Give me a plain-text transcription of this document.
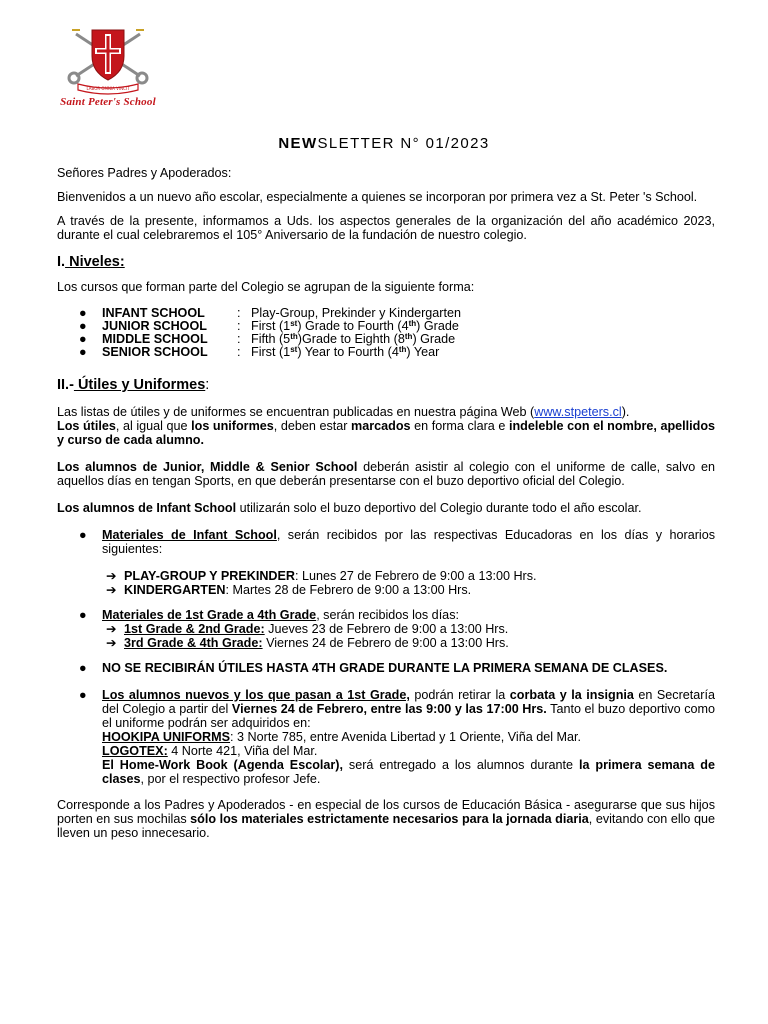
LABOR OMNIA VINCIT
Saint Peter's School
NEWSLETTER N° 01/2023

Señores Padres y Apoderados:

Bienvenidos a un nuevo año escolar, especialmente a quienes se incorporan por primera vez a St. Peter 's School.

A través de la presente, informamos a Uds. los aspectos generales de la organización del año académico 2023, durante el cual celebraremos el 105° Aniversario de la fundación de nuestro colegio.

I. Niveles:

Los cursos que forman parte del Colegio se agrupan de la siguiente forma:

● INFANT SCHOOL	: Play-Group, Prekinder y Kindergarten
● JUNIOR SCHOOL : First (1st) Grade to Fourth (4th) Grade
● MIDDLE SCHOOL : Fifth (5th)Grade to Eighth (8th) Grade
● SENIOR SCHOOL : First (1st) Year to Fourth (4th) Year
II.- Útiles y Uniformes:

Las listas de útiles y de uniformes se encuentran publicadas en nuestra página Web (www.stpeters.cl).

Los útiles, al igual que los uniformes, deben estar marcados en forma clara e indeleble con el nombre, apellidos y curso de cada alumno.

Los alumnos de Junior, Middle & Senior School deberán asistir al colegio con el uniforme de calle, salvo en aquellos días en tengan Sports, en que deberán presentarse con el buzo deportivo oficial del Colegio.

Los alumnos de Infant School utilizarán solo el buzo deportivo del Colegio durante todo el año escolar.

● Materiales de Infant School, serán recibidos por las respectivas Educadoras en los días y horarios siguientes:
➔ PLAY-GROUP Y PREKINDER: Lunes 27 de Febrero de 9:00 a 13:00 Hrs.
➔ KINDERGARTEN: Martes 28 de Febrero de 9:00 a 13:00 Hrs.
● Materiales de 1st Grade a 4th Grade, serán recibidos los días:
➔ 1st Grade & 2nd Grade: Jueves 23 de Febrero de 9:00 a 13:00 Hrs.
➔ 3rd Grade & 4th Grade: Viernes 24 de Febrero de 9:00 a 13:00 Hrs.
● NO SE RECIBIRÁN ÚTILES HASTA 4TH GRADE DURANTE LA PRIMERA SEMANA DE CLASES.
● Los alumnos nuevos y los que pasan a 1st Grade, podrán retirar la corbata y la insignia en Secretaría del Colegio a partir del Viernes 24 de Febrero, entre las 9:00 y las 17:00 Hrs. Tanto el buzo deportivo como el uniforme podrán ser adquiridos en:
HOOKIPA UNIFORMS: 3 Norte 785, entre Avenida Libertad y 1 Oriente, Viña del Mar.
LOGOTEX: 4 Norte 421, Viña del Mar.
El Home-Work Book (Agenda Escolar), será entregado a los alumnos durante la primera semana de clases, por el respectivo profesor Jefe.

Corresponde a los Padres y Apoderados - en especial de los cursos de Educación Básica - asegurarse que sus hijos porten en sus mochilas sólo los materiales estrictamente necesarios para la jornada diaria, evitando con ello que lleven un peso innecesario.
